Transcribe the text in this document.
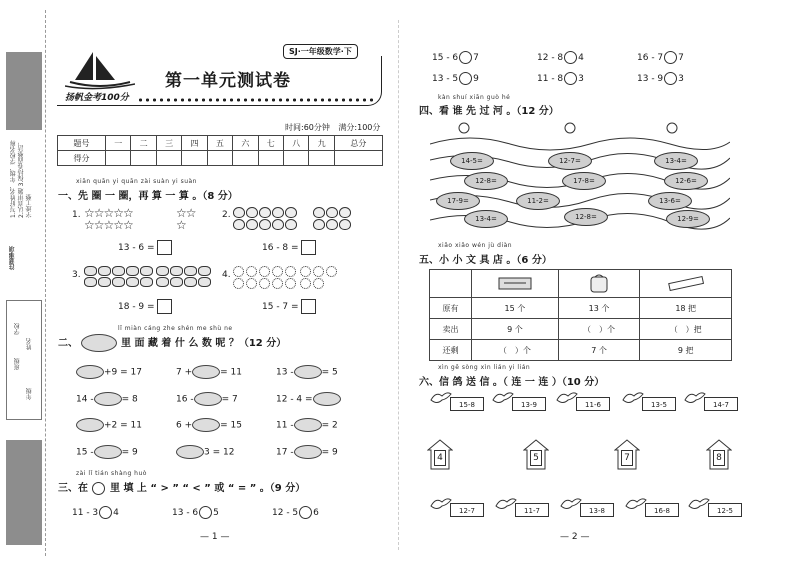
1.写好姓名、年级、学校名称 2.认真审题 3.保持卷面整洁，字迹工整
注意事项
学校
班级
年级
姓名
扬帆金考100分
第一单元测试卷
SJ·一年级数学·下
时间:60分钟 满分:100分
题号	一	二	三	四	五	六	七	八	九	总分
得分										
xiān quān yi quān zài suàn yi suàn
一、先 圈 一 圈，再 算 一 算 。（8 分）
1. ☆☆☆☆☆
☆☆☆☆☆
☆☆
☆
13 - 6 =
2.
16 - 8 =
3.
18 - 9 =
4.
15 - 7 =
lǐ miàn cáng zhe shén me shù ne
二、	里 面 藏 着 什 么 数 呢 ？（12 分）
+9 = 17	7 +	= 11	13 -	= 5
14 -	= 8	16 -	= 7	12 - 4 =
+2 = 11	6 +	= 15	11 -	= 2
15 -	= 9	3 = 12	17 -	= 9
zài lǐ tián shàng huò
三、在 里 填 上 “ > ” “ < ” 或 “ = ” 。（9 分）
11 - 3 4	13 - 6 5	12 - 5 6
— 1 —
15 - 6 7	12 - 8 4	16 - 7 7
13 - 5 9	11 - 8 3	13 - 9 3
kàn shuí xiān guò hé
四、看 谁 先 过 河 。（12 分）
14-5=	12-7=	13-4=
12-8=	17-8=	12-6=
17-9=	11-2=
12-8=
13-6=
13-4=	12-9=
xiǎo xiǎo wén jù diàn
五、小 小 文 具 店 。（6 分）

原有	15 个	13 个	18 把
卖出	9 个	（　）个	（　）把
还剩	（　）个	7 个	9 把
xìn gē sòng xìn lián yi lián
六、信 鸽 送 信 。（ 连 一 连 ）（10 分）
15-8	13-9	11-6	13-5	14-7
4	5	7	8
12-7	11-7	13-8	16-8	12-5
— 2 —
